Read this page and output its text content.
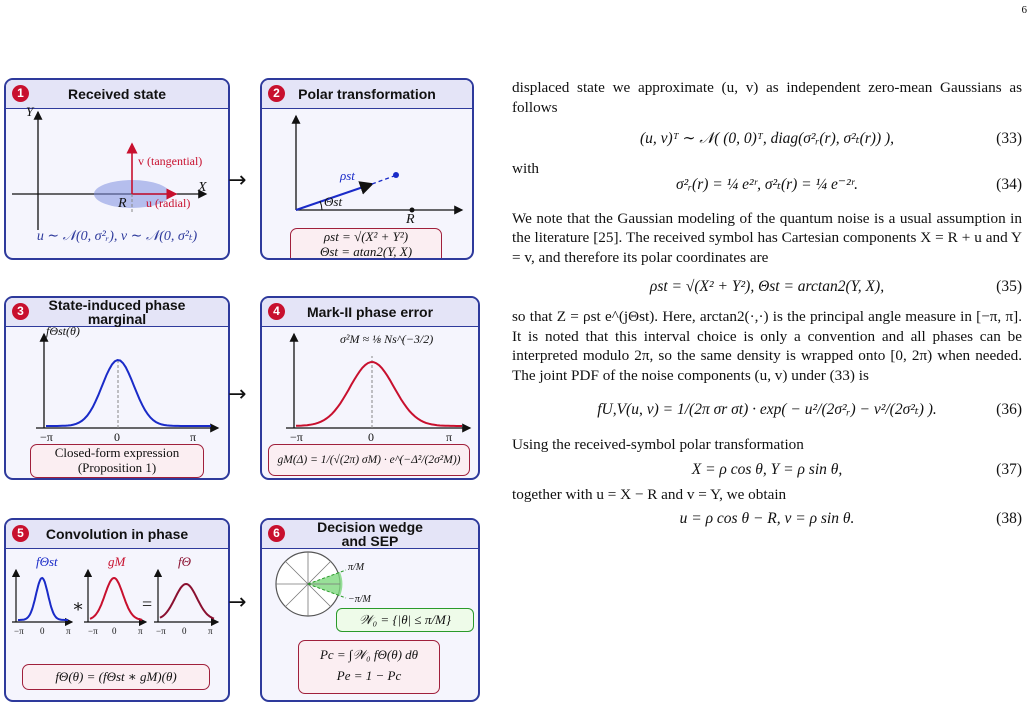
6
1	Received state
Y
X
R
v (tangential)
u (radial)
u ∼ 𝒩(0, σ²ᵣ), v ∼ 𝒩(0, σ²ₜ)
→
2	Polar transformation
ρst
Θst
R
ρst = √(X² + Y²)
Θst = atan2(Y, X)
3	State-induced phase marginal
fΘst(θ)
−π	0	π
Closed-form expression
(Proposition 1)
→
4	Mark-II phase error
σ²M ≈ ⅛ Ns^(−3/2)
−π	0	π
gM(Δ) = 1/(√(2π) σM) · e^(−Δ²/(2σ²M))
5	Convolution in phase
fΘst	gM	fΘ
∗	=
−π 0 π −π 0 π −π 0 π
fΘ(θ) = (fΘst ∗ gM)(θ)
→
6	Decision wedge and SEP
π/M
−π/M
𝒲₀ = {|θ| ≤ π/M}
Pc = ∫𝒲₀ fΘ(θ) dθ
Pe = 1 − Pc

displaced state we approximate (u, v) as independent zero-mean Gaussians as follows

(u, v)ᵀ ∼ 𝒩( (0, 0)ᵀ, diag(σ²ᵣ(r), σ²ₜ(r)) ),	(33)

with

σ²ᵣ(r) = ¼ e²ʳ, σ²ₜ(r) = ¼ e⁻²ʳ.	(34)

We note that the Gaussian modeling of the quantum noise is a usual assumption in the literature [25]. The received symbol has Cartesian components X = R + u and Y = v, and therefore its polar coordinates are

ρst = √(X² + Y²), Θst = arctan2(Y, X),	(35)

so that Z = ρst e^(jΘst). Here, arctan2(·,·) is the principal angle measure in [−π, π]. It is noted that this interval choice is only a convention and all phases can be interpreted modulo 2π, so the same density is wrapped onto [0, 2π) when needed. The joint PDF of the noise components (u, v) under (33) is

fU,V(u, v) = 1/(2π σr σt) · exp( − u²/(2σ²ᵣ) − v²/(2σ²ₜ) ).	(36)

Using the received-symbol polar transformation

X = ρ cos θ, Y = ρ sin θ,	(37)

together with u = X − R and v = Y, we obtain

u = ρ cos θ − R, v = ρ sin θ.	(38)
